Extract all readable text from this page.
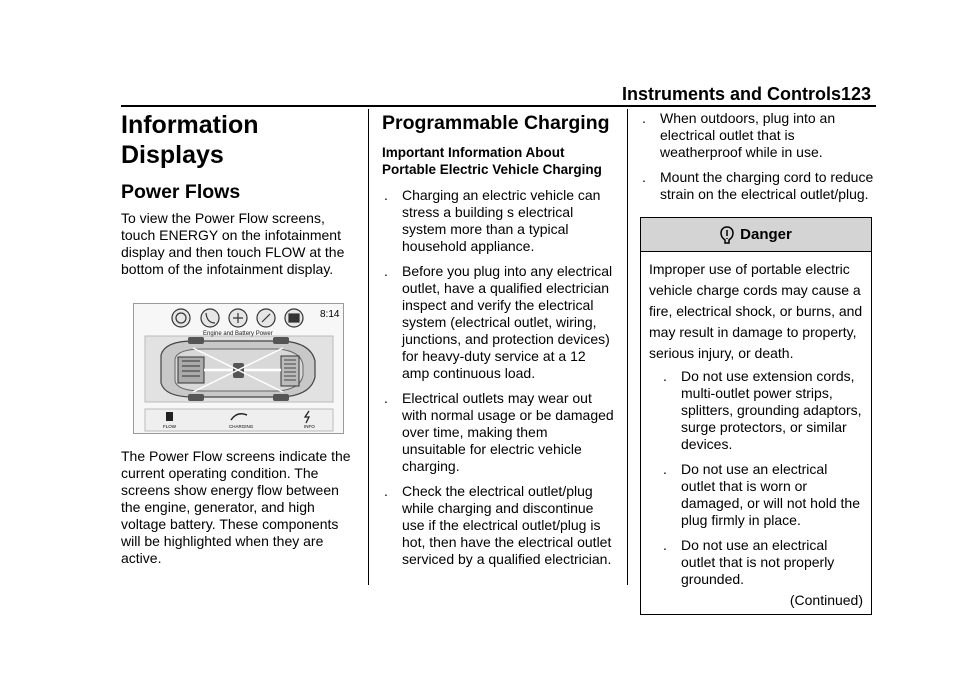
Instruments and Controls 123
Information Displays
Power Flows

To view the Power Flow screens, touch ENERGY on the infotainment display and then touch FLOW at the bottom of the infotainment display.

8:14
Engine and Battery Power
FLOW	CHARGING	INFO

The Power Flow screens indicate the current operating condition. The screens show energy flow between the engine, generator, and high voltage battery. These components will be highlighted when they are active.

Programmable Charging
Important Information About Portable Electric Vehicle Charging
.	Charging an electric vehicle can stress a building s electrical system more than a typical household appliance.
.	Before you plug into any electrical outlet, have a qualified electrician inspect and verify the electrical system (electrical outlet, wiring, junctions, and protection devices) for heavy-duty service at a 12 amp continuous load.
.	Electrical outlets may wear out with normal usage or be damaged over time, making them unsuitable for electric vehicle charging.
.	Check the electrical outlet/plug while charging and discontinue use if the electrical outlet/plug is hot, then have the electrical outlet serviced by a qualified electrician.
.	When outdoors, plug into an electrical outlet that is weatherproof while in use.
.	Mount the charging cord to reduce strain on the electrical outlet/plug.
Danger

Improper use of portable electric vehicle charge cords may cause a fire, electrical shock, or burns, and may result in damage to property, serious injury, or death.

.	Do not use extension cords, multi-outlet power strips, splitters, grounding adaptors, surge protectors, or similar devices.
.	Do not use an electrical outlet that is worn or damaged, or will not hold the plug firmly in place.
.	Do not use an electrical outlet that is not properly grounded.
(Continued)
